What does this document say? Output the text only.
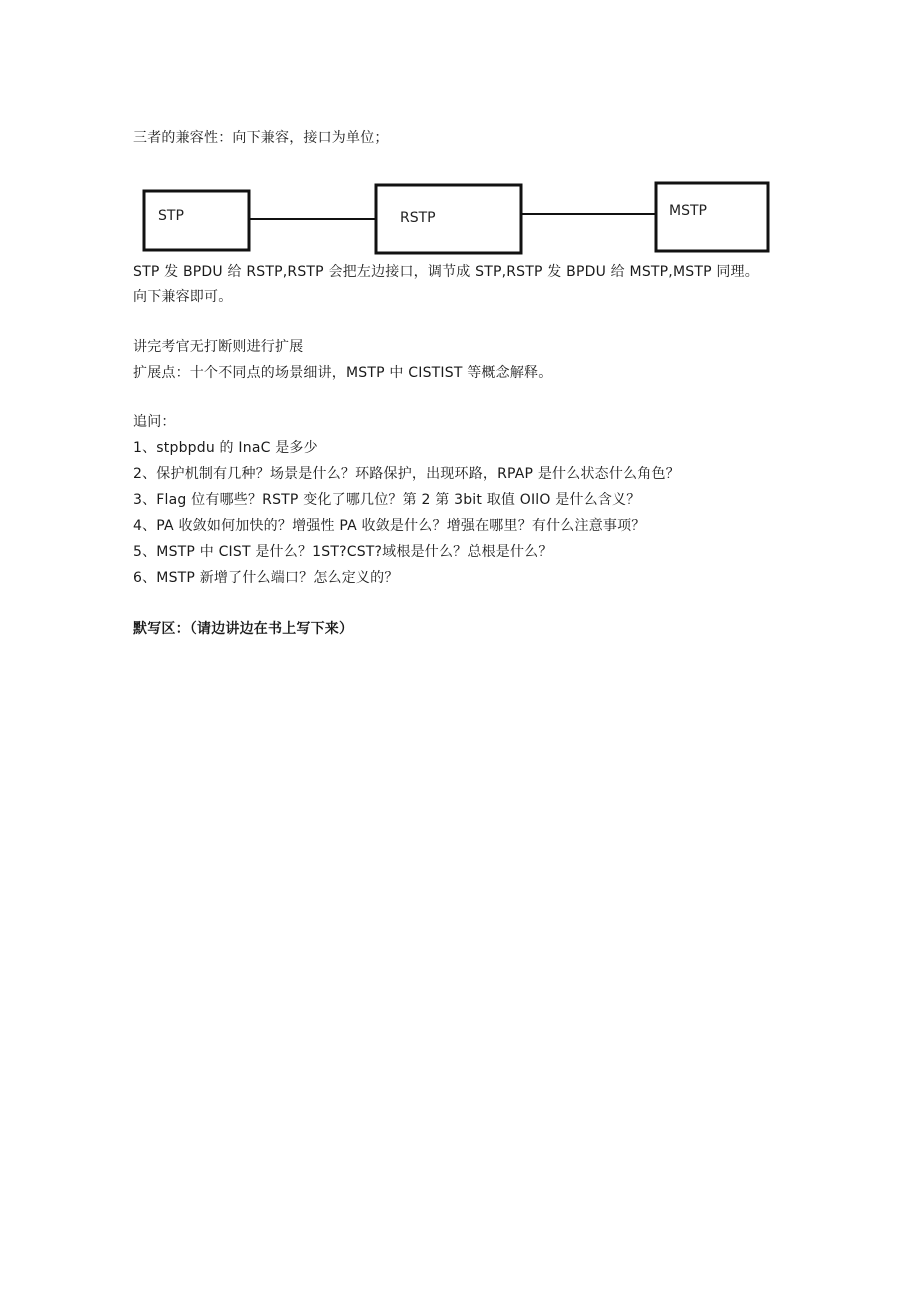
三者的兼容性：向下兼容，接口为单位；
STP	RSTP	MSTP
STP 发 BPDU 给 RSTP,RSTP 会把左边接口，调节成 STP,RSTP 发 BPDU 给 MSTP,MSTP 同理。
向下兼容即可。
讲完考官无打断则进行扩展
扩展点：十个不同点的场景细讲，MSTP 中 CISTIST 等概念解释。
追问：
1、stpbpdu 的 InaC 是多少
2、保护机制有几种？场景是什么？环路保护，出现环路，RPAP 是什么状态什么角色？
3、Flag 位有哪些？RSTP 变化了哪几位？第 2 第 3bit 取值 OIlO 是什么含义？
4、PA 收敛如何加快的？增强性 PA 收敛是什么？增强在哪里？有什么注意事项？
5、MSTP 中 CIST 是什么？1ST?CST?域根是什么？总根是什么？
6、MSTP 新增了什么端口？怎么定义的？
默写区：（请边讲边在书上写下来）
